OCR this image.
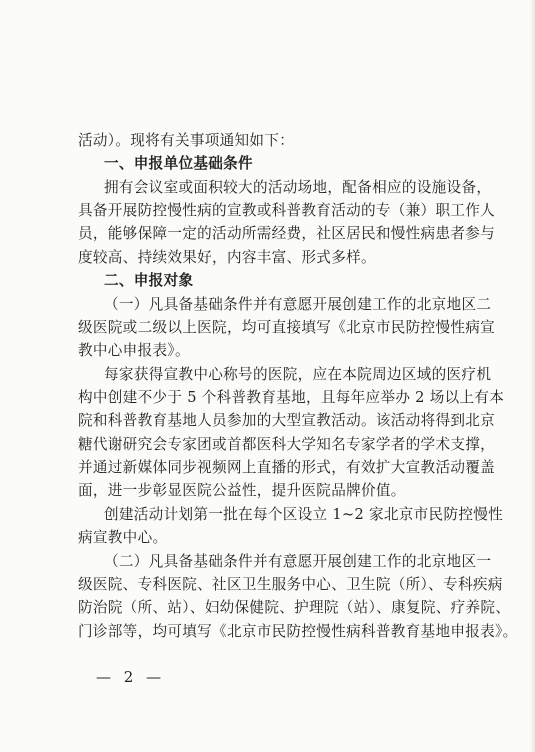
活动）。现将有关事项通知如下：
一、申报单位基础条件
拥有会议室或面积较大的活动场地，配备相应的设施设备，
具备开展防控慢性病的宣教或科普教育活动的专（兼）职工作人
员，能够保障一定的活动所需经费，社区居民和慢性病患者参与
度较高、持续效果好，内容丰富、形式多样。
二、申报对象
（一）凡具备基础条件并有意愿开展创建工作的北京地区二
级医院或二级以上医院，均可直接填写《北京市民防控慢性病宣
教中心申报表》。
每家获得宣教中心称号的医院，应在本院周边区域的医疗机
构中创建不少于 5 个科普教育基地，且每年应举办 2 场以上有本
院和科普教育基地人员参加的大型宣教活动。该活动将得到北京
糖代谢研究会专家团或首都医科大学知名专家学者的学术支撑，
并通过新媒体同步视频网上直播的形式，有效扩大宣教活动覆盖
面，进一步彰显医院公益性，提升医院品牌价值。
创建活动计划第一批在每个区设立 1~2 家北京市民防控慢性
病宣教中心。
（二）凡具备基础条件并有意愿开展创建工作的北京地区一
级医院、专科医院、社区卫生服务中心、卫生院（所）、专科疾病
防治院（所、站）、妇幼保健院、护理院（站）、康复院、疗养院、
门诊部等，均可填写《北京市民防控慢性病科普教育基地申报表》。
— 2 —
